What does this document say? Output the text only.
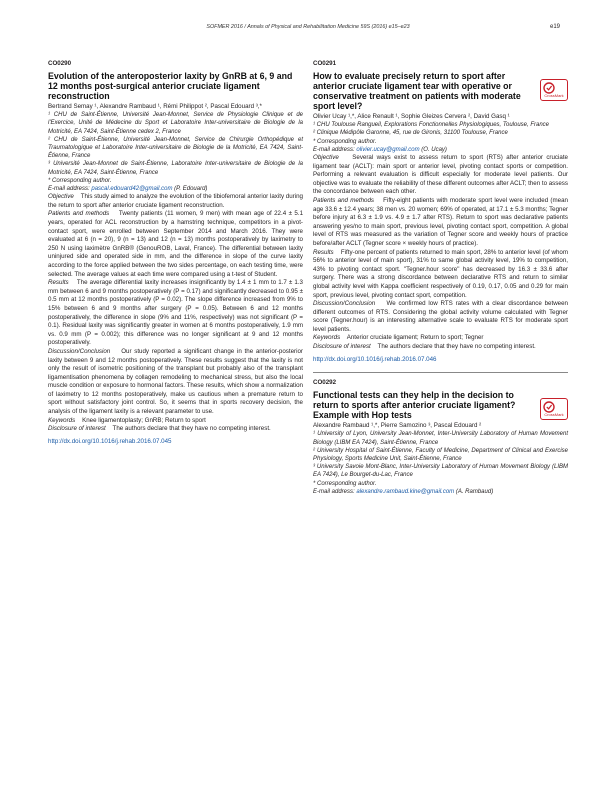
SOFMER 2016 / Annals of Physical and Rehabilitation Medicine 59S (2016) e15–e23	e19
CO0290
Evolution of the anteroposterior laxity by GnRB at 6, 9 and 12 months post-surgical anterior cruciate ligament reconstruction

Bertrand Semay ¹, Alexandre Rambaud ¹, Rémi Philippot ², Pascal Edouard ³,*

¹ CHU de Saint-Étienne, Université Jean-Monnet, Service de Physiologie Clinique et de l'Exercice, Unité de Médecine du Sport et Laboratoire Inter-universitaire de Biologie de la Motricité, EA 7424, Saint-Étienne cedex 2, France

² CHU de Saint-Étienne, Université Jean-Monnet, Service de Chirurgie Orthopédique et Traumatologique et Laboratoire Inter-universitaire de Biologie de la Motricité, EA 7424, Saint-Étienne, France

³ Université Jean-Monnet de Saint-Étienne, Laboratoire Inter-universitaire de Biologie de la Motricité, EA 7424, Saint-Étienne, France

* Corresponding author.

E-mail address: pascal.edouard42@gmail.com (P. Edouard)

Objective This study aimed to analyze the evolution of the tibiofemoral anterior laxity during the return to sport after anterior cruciate ligament reconstruction.

Patients and methods Twenty patients (11 women, 9 men) with mean age of 22.4 ± 5.1 years, operated for ACL reconstruction by a hamstring technique, competitors in a pivot-contact sport, were enrolled between September 2014 and March 2016. They were evaluated at 6 (n = 20), 9 (n = 13) and 12 (n = 13) months postoperatively by laximetry to 250 N using laximètre GnRB® (GenouROB, Laval, France). The differential between laxity uninjured side and operated side in mm, and the difference in slope of the curve laxity according to the force applied between the two sides percentage, on each testing time, were selected. The average values at each time were compared using a t-test of Student.

Results The average differential laxity increases insignificantly by 1.4 ± 1 mm to 1.7 ± 1.3 mm between 6 and 9 months postoperatively (P = 0.17) and significantly decreased to 0.95 ± 0.5 mm at 12 months postoperatively (P = 0.02). The slope difference increased from 9% to 15% between 6 and 9 months after surgery (P = 0.05). Between 6 and 12 months postoperatively, the difference in slope (9% and 11%, respectively) was not significant (P = 0.1). Residual laxity was significantly greater in women at 6 months postoperatively, 1.9 mm vs. 0.9 mm (P = 0.002); this difference was no longer significant at 9 and 12 months postoperatively.

Discussion/Conclusion Our study reported a significant change in the anterior-posterior laxity between 9 and 12 months postoperatively. These results suggest that the laxity is not only the result of isometric positioning of the transplant but probably also of the transplant ligamentisation phenomena by collagen remodeling to mechanical stress, but also the local muscle condition or exposure to hormonal factors. These results, which show a normalization of laximetry to 12 months postoperatively, make us cautious when a premature return to sport without satisfactory joint control. So, it seems that in sports recovery decision, the analysis of the ligament laxity is a relevant parameter to use.

Keywords Knee ligamentoplasty; GnRB; Return to sport

Disclosure of interest The authors declare that they have no competing interest.

http://dx.doi.org/10.1016/j.rehab.2016.07.045

CO0291
How to evaluate precisely return to sport after anterior cruciate ligament tear with operative or conservative treatment on patients with moderate sport level?
CrossMark

Olivier Ucay ¹,*, Alice Renault ¹, Sophie Gleizes Cervera ², David Gasq ¹

¹ CHU Toulouse Rangueil, Explorations Fonctionnelles Physiologiques, Toulouse, France

² Clinique Médipôle Garonne, 45, rue de Gironis, 31100 Toulouse, France

* Corresponding author.

E-mail address: olivier.ucay@gmail.com (O. Ucay)

Objective Several ways exist to assess return to sport (RTS) after anterior cruciate ligament tear (ACLT): main sport or anterior level, pivoting contact sports or competition. Performing a relevant evaluation is difficult especially for moderate level patients. Our objective was to evaluate the reliability of these different outcomes after ACLT; then to assess the concordance between each other.

Patients and methods Fifty-eight patients with moderate sport level were included (mean age 33.6 ± 12.4 years; 38 men vs. 20 women; 69% of operated, at 17.1 ± 5.3 months; Tegner before injury at 6.3 ± 1.9 vs. 4.9 ± 1.7 after RTS). Return to sport was declarative patients answering yes/no to main sport, previous level, pivoting contact sport, competition. A global level of RTS was measured as the variation of Tegner score and weekly hours of practice before/after ACLT (Tegner score × weekly hours of practice).

Results Fifty-one percent of patients returned to main sport, 28% to anterior level (of whom 56% to anterior level of main sport), 31% to same global activity level, 19% to competition, 43% to pivoting contact sport. "Tegner.hour score" has decreased by 16.3 ± 33.6 after surgery. There was a strong discordance between declarative RTS and return to similar global activity level with Kappa coefficient respectively of 0.19, 0.17, 0.05 and 0.29 for main sport, previous level, pivoting contact sport, competition.

Discussion/Conclusion We confirmed low RTS rates with a clear discordance between different outcomes of RTS. Considering the global activity volume calculated with Tegner score (Tegner.hour) is an interesting alternative scale to evaluate RTS for moderate sport level patients.

Keywords Anterior cruciate ligament; Return to sport; Tegner

Disclosure of interest The authors declare that they have no competing interest.

http://dx.doi.org/10.1016/j.rehab.2016.07.046

CO0292
Functional tests can they help in the decision to return to sports after anterior cruciate ligament? Example with Hop tests	CrossMark

Alexandre Rambaud ¹,*, Pierre Samozino ³, Pascal Edouard ²

¹ University of Lyon, University Jean-Monnet, Inter-University Laboratory of Human Movement Biology (LIBM EA 7424), Saint-Étienne, France

² University Hospital of Saint-Étienne, Faculty of Medicine, Department of Clinical and Exercise Physiology, Sports Medicine Unit, Saint-Étienne, France

³ University Savoie Mont-Blanc, Inter-University Laboratory of Human Movement Biology (LIBM EA 7424), Le Bourget-du-Lac, France

* Corresponding author.

E-mail address: alexandre.rambaud.kine@gmail.com (A. Rambaud)
